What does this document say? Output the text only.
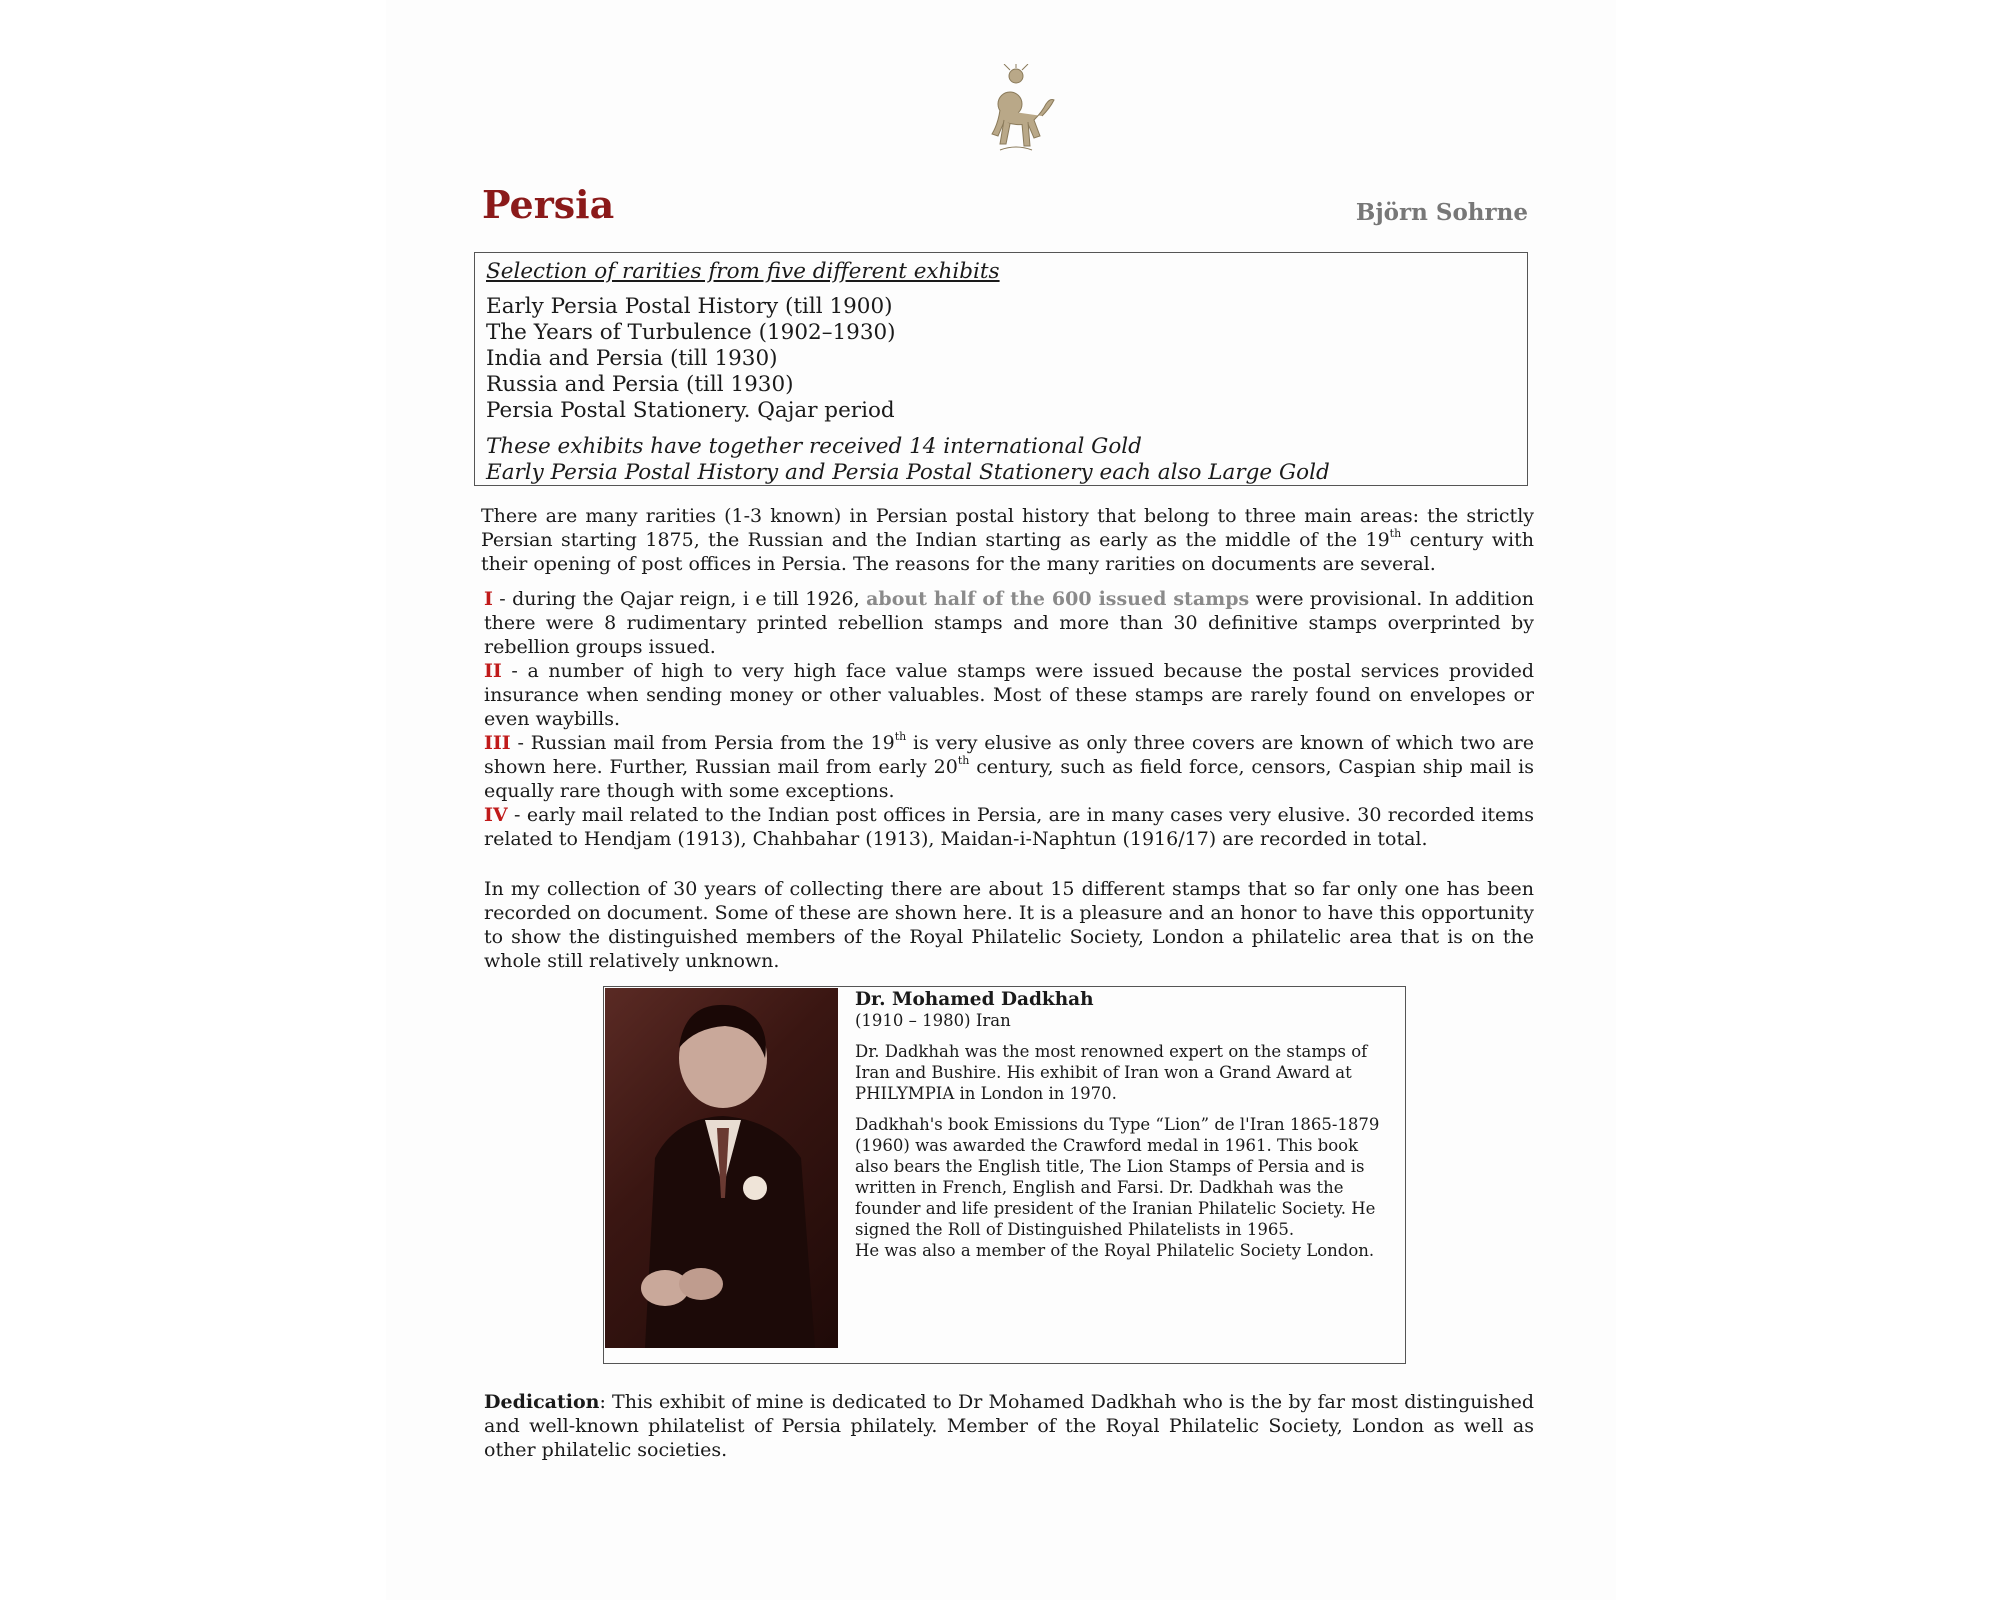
Persia	Björn Sohrne
Selection of rarities from five different exhibits
Early Persia Postal History (till 1900)
The Years of Turbulence (1902–1930)
India and Persia (till 1930)
Russia and Persia (till 1930)
Persia Postal Stationery. Qajar period
These exhibits have together received 14 international Gold
Early Persia Postal History and Persia Postal Stationery each also Large Gold
There are many rarities (1-3 known) in Persian postal history that belong to three main areas: the strictly Persian starting 1875, the Russian and the Indian starting as early as the middle of the 19th century with their opening of post offices in Persia. The reasons for the many rarities on documents are several.
I - during the Qajar reign, i e till 1926, about half of the 600 issued stamps were provisional. In addition there were 8 rudimentary printed rebellion stamps and more than 30 definitive stamps overprinted by rebellion groups issued.
II - a number of high to very high face value stamps were issued because the postal services provided insurance when sending money or other valuables. Most of these stamps are rarely found on envelopes or even waybills.
III - Russian mail from Persia from the 19th is very elusive as only three covers are known of which two are shown here. Further, Russian mail from early 20th century, such as field force, censors, Caspian ship mail is equally rare though with some exceptions.
IV - early mail related to the Indian post offices in Persia, are in many cases very elusive. 30 recorded items related to Hendjam (1913), Chahbahar (1913), Maidan-i-Naphtun (1916/17) are recorded in total.
In my collection of 30 years of collecting there are about 15 different stamps that so far only one has been recorded on document. Some of these are shown here. It is a pleasure and an honor to have this opportunity to show the distinguished members of the Royal Philatelic Society, London a philatelic area that is on the whole still relatively unknown.
Dr. Mohamed Dadkhah
(1910 – 1980) Iran
Dr. Dadkhah was the most renowned expert on the stamps of Iran and Bushire. His exhibit of Iran won a Grand Award at PHILYMPIA in London in 1970.
Dadkhah's book Emissions du Type “Lion” de l'Iran 1865-1879 (1960) was awarded the Crawford medal in 1961. This book also bears the English title, The Lion Stamps of Persia and is written in French, English and Farsi. Dr. Dadkhah was the founder and life president of the Iranian Philatelic Society. He signed the Roll of Distinguished Philatelists in 1965.
He was also a member of the Royal Philatelic Society London.
Dedication: This exhibit of mine is dedicated to Dr Mohamed Dadkhah who is the by far most distinguished and well-known philatelist of Persia philately. Member of the Royal Philatelic Society, London as well as other philatelic societies.
